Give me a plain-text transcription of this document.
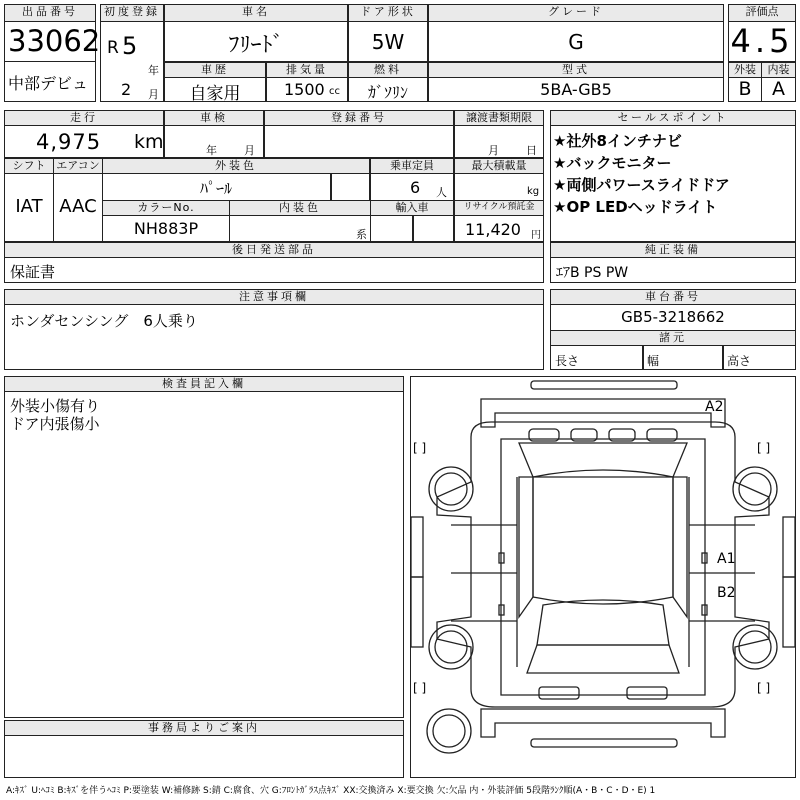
出品番号
33062
中部デビュ
初度登録
R 5
年
2 月
車名
ﾌﾘｰﾄﾞ
ドア形状
5W
グレード
G
評価点
4.5
外装	内装
B	A
車歴
自家用
排気量
1500 cc
燃料
ｶﾞｿﾘﾝ
型式
5BA-GB5
走行
4,975 km
車検
年 月
登録番号	譲渡書類期限
月 日
シフト
IAT
エアコン
AAC
外装色
ﾊﾟｰﾙ
乗車定員
6 人
最大積載量
kg
カラーNo.
NH883P
内装色
系
輸入車	リサイクル預託金
11,420 円
後日発送部品
保証書
セールスポイント
★社外8インチナビ
★バックモニター
★両側パワースライドドア
★OP LEDヘッドライト
純正装備
ｴｱB PS PW
注意事項欄
ホンダセンシング　6人乗り
車台番号
GB5-3218662
諸元
長さ	幅	高さ
検査員記入欄
外装小傷有り
ドア内張傷小
事務局よりご案内
A2
A1
B2
[ ]	[ ]
[ ]	[ ]
A:ｷｽﾞ U:ﾍｺﾐ B:ｷｽﾞを伴うﾍｺﾐ P:要塗装 W:補修跡 S:錆 C:腐食、穴 G:ﾌﾛﾝﾄｶﾞﾗｽ点ｷｽﾞ XX:交換済み X:要交換 欠:欠品 内・外装評価 5段階ﾗﾝｸ順(A・B・C・D・E) 1
